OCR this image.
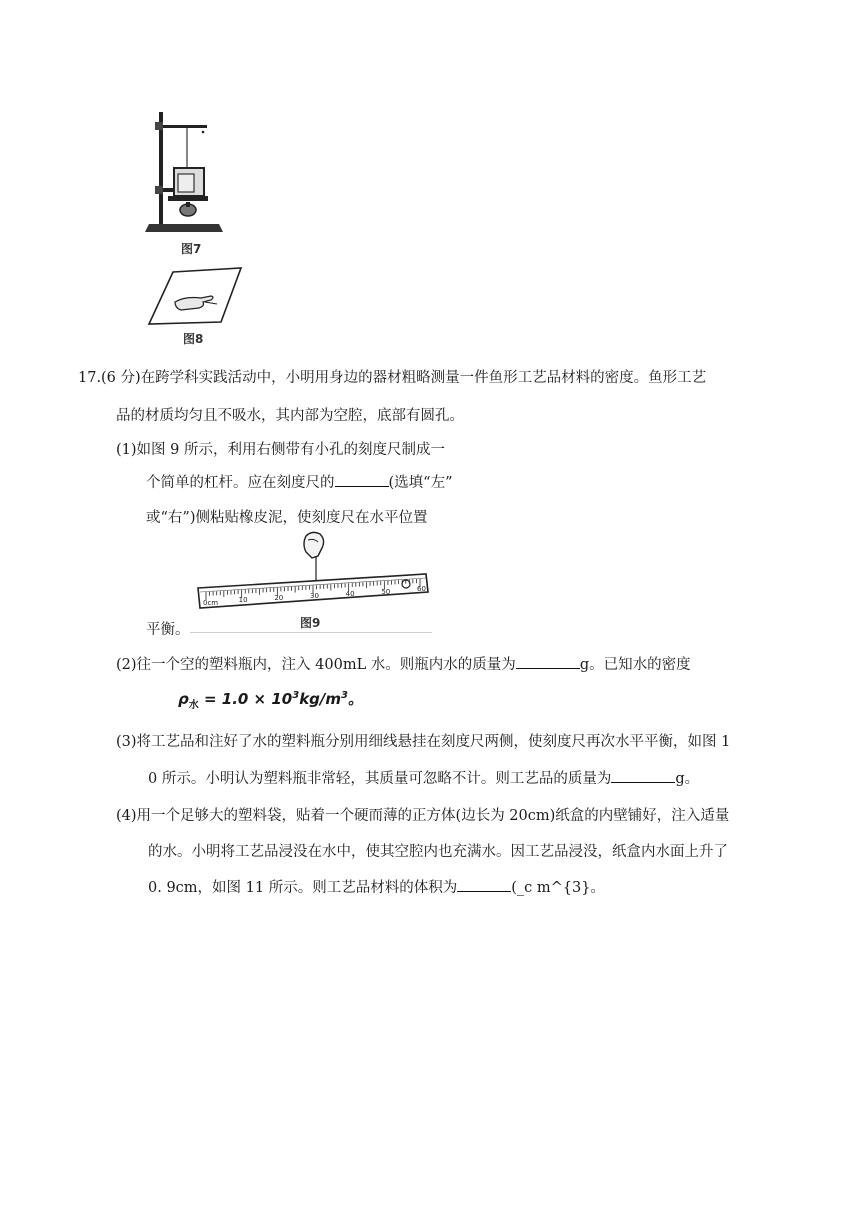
图7
图8
17. (6 分)在跨学科实践活动中，小明用身边的器材粗略测量一件鱼形工艺品材料的密度。鱼形工艺
品的材质均匀且不吸水，其内部为空腔，底部有圆孔。
(1)如图 9 所示，利用右侧带有小孔的刻度尺制成一
个简单的杠杆。应在刻度尺的	(选填“左”
或“右”)侧粘贴橡皮泥，使刻度尺在水平位置
0cm	10	20	30	40	50	60
图9
平衡。
(2)往一个空的塑料瓶内，注入 400mL 水。则瓶内水的质量为	g。已知水的密度
$\rho_水 = 1.0 \times 10^3kg/m^3$。
(3)将工艺品和注好了水的塑料瓶分别用细线悬挂在刻度尺两侧，使刻度尺再次水平平衡，如图 1
0 所示。小明认为塑料瓶非常轻，其质量可忽略不计。则工艺品的质量为	g。
(4)用一个足够大的塑料袋，贴着一个硬而薄的正方体(边长为 20cm)纸盒的内壁铺好，注入适量
的水。小明将工艺品浸没在水中，使其空腔内也充满水。因工艺品浸没，纸盒内水面上升了
0. 9cm，如图 11 所示。则工艺品材料的体积为	(_c m^{3}。
